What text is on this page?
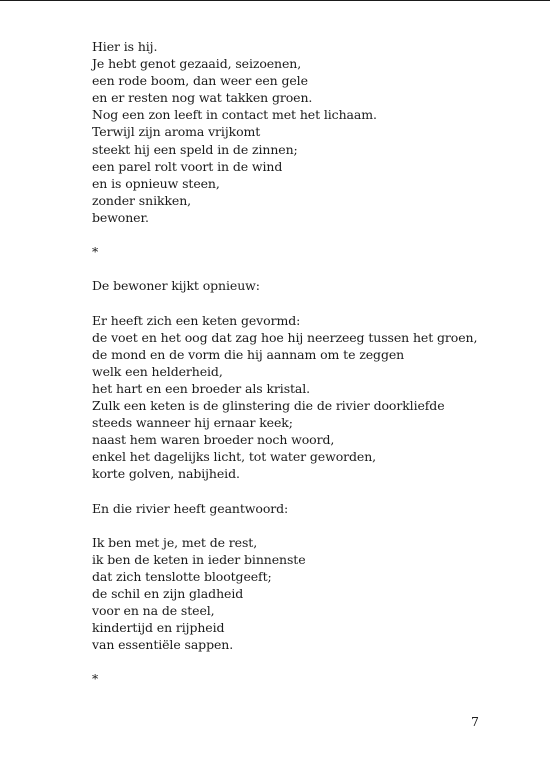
Hier is hij.
Je hebt genot gezaaid, seizoenen,
een rode boom, dan weer een gele
en er resten nog wat takken groen.
Nog een zon leeft in contact met het lichaam.
Terwijl zijn aroma vrijkomt
steekt hij een speld in de zinnen;
een parel rolt voort in de wind
en is opnieuw steen,
zonder snikken,
bewoner.
*
De bewoner kijkt opnieuw:
Er heeft zich een keten gevormd:
de voet en het oog dat zag hoe hij neerzeeg tussen het groen,
de mond en de vorm die hij aannam om te zeggen
welk een helderheid,
het hart en een broeder als kristal.
Zulk een keten is de glinstering die de rivier doorkliefde
steeds wanneer hij ernaar keek;
naast hem waren broeder noch woord,
enkel het dagelijks licht, tot water geworden,
korte golven, nabijheid.
En die rivier heeft geantwoord:
Ik ben met je, met de rest,
ik ben de keten in ieder binnenste
dat zich tenslotte blootgeeft;
de schil en zijn gladheid
voor en na de steel,
kindertijd en rijpheid
van essentiële sappen.
*
7
